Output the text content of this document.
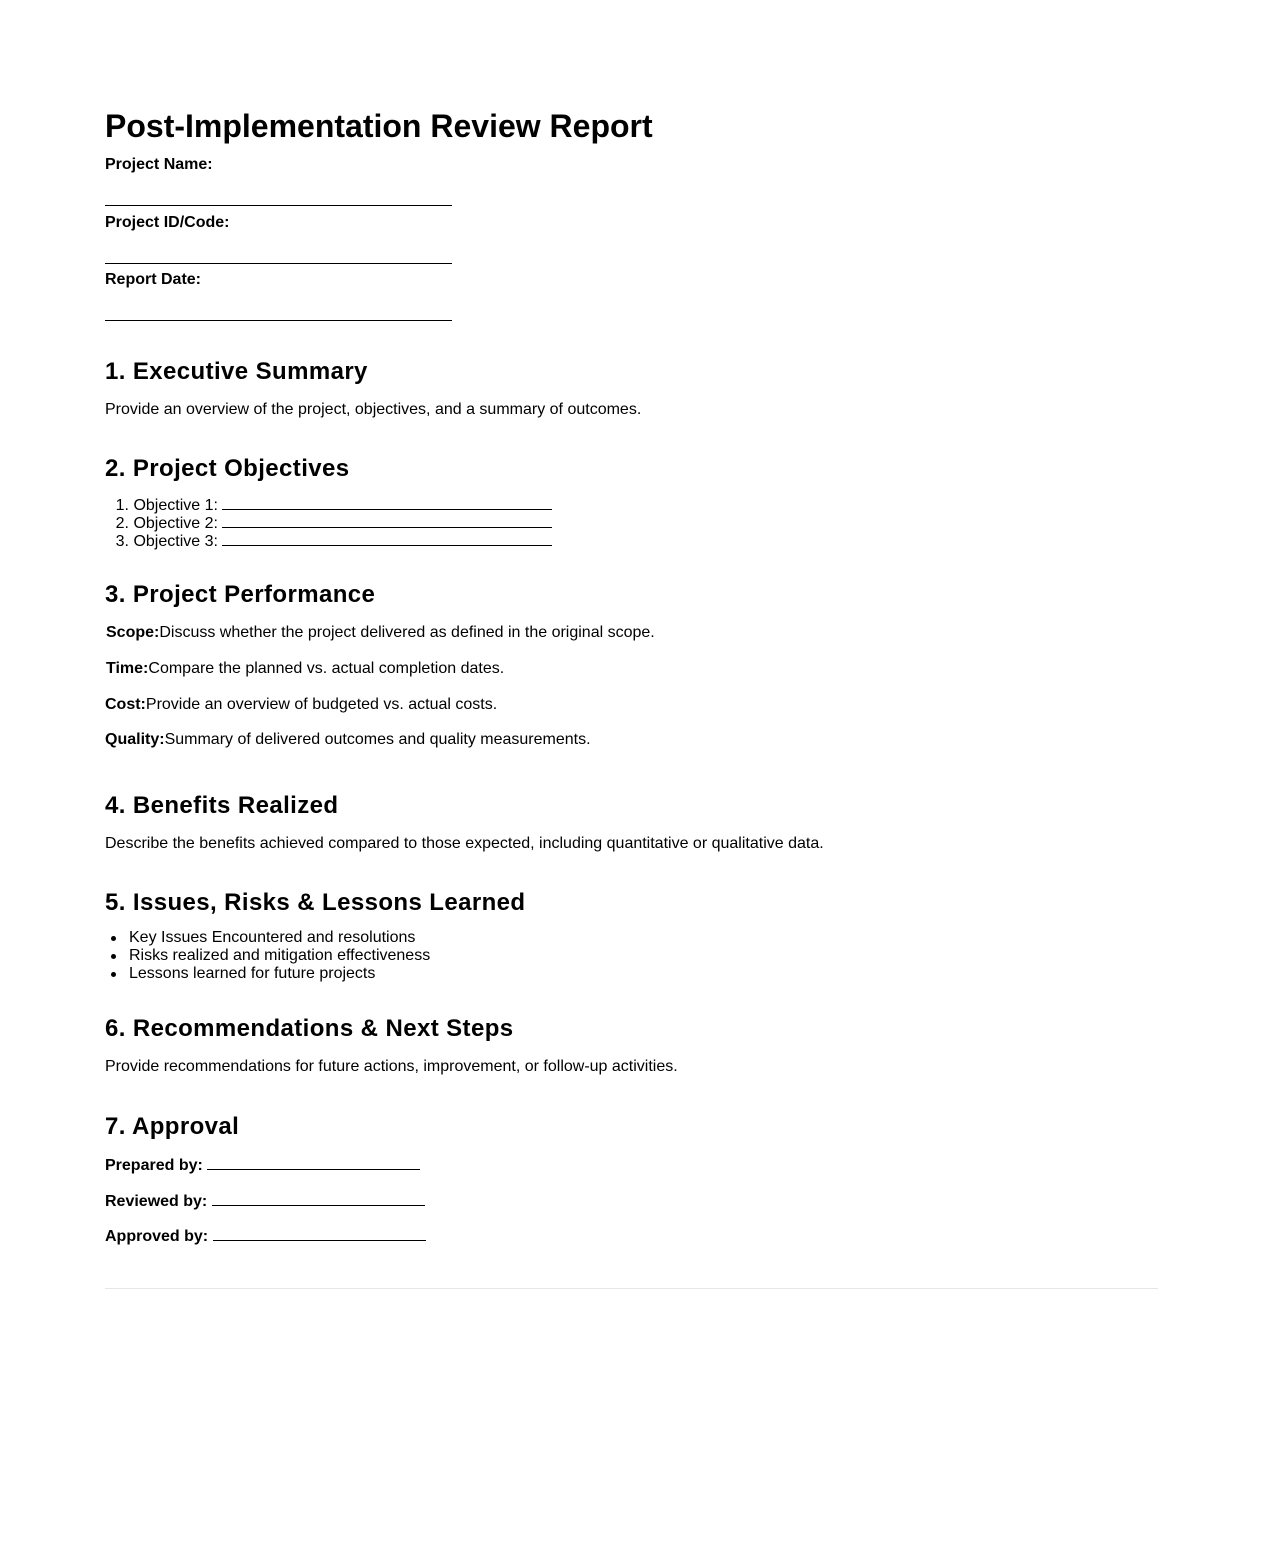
Post-Implementation Review Report
Project Name:
Project ID/Code:
Report Date:
1. Executive Summary
Provide an overview of the project, objectives, and a summary of outcomes.
2. Project Objectives
1. Objective 1:
2. Objective 2:
3. Objective 3:
3. Project Performance
Scope:Discuss whether the project delivered as defined in the original scope.
Time:Compare the planned vs. actual completion dates.
Cost:Provide an overview of budgeted vs. actual costs.
Quality:Summary of delivered outcomes and quality measurements.
4. Benefits Realized
Describe the benefits achieved compared to those expected, including quantitative or qualitative data.
5. Issues, Risks & Lessons Learned
Key Issues Encountered and resolutions
Risks realized and mitigation effectiveness
Lessons learned for future projects
6. Recommendations & Next Steps
Provide recommendations for future actions, improvement, or follow-up activities.
7. Approval
Prepared by:
Reviewed by:
Approved by:
